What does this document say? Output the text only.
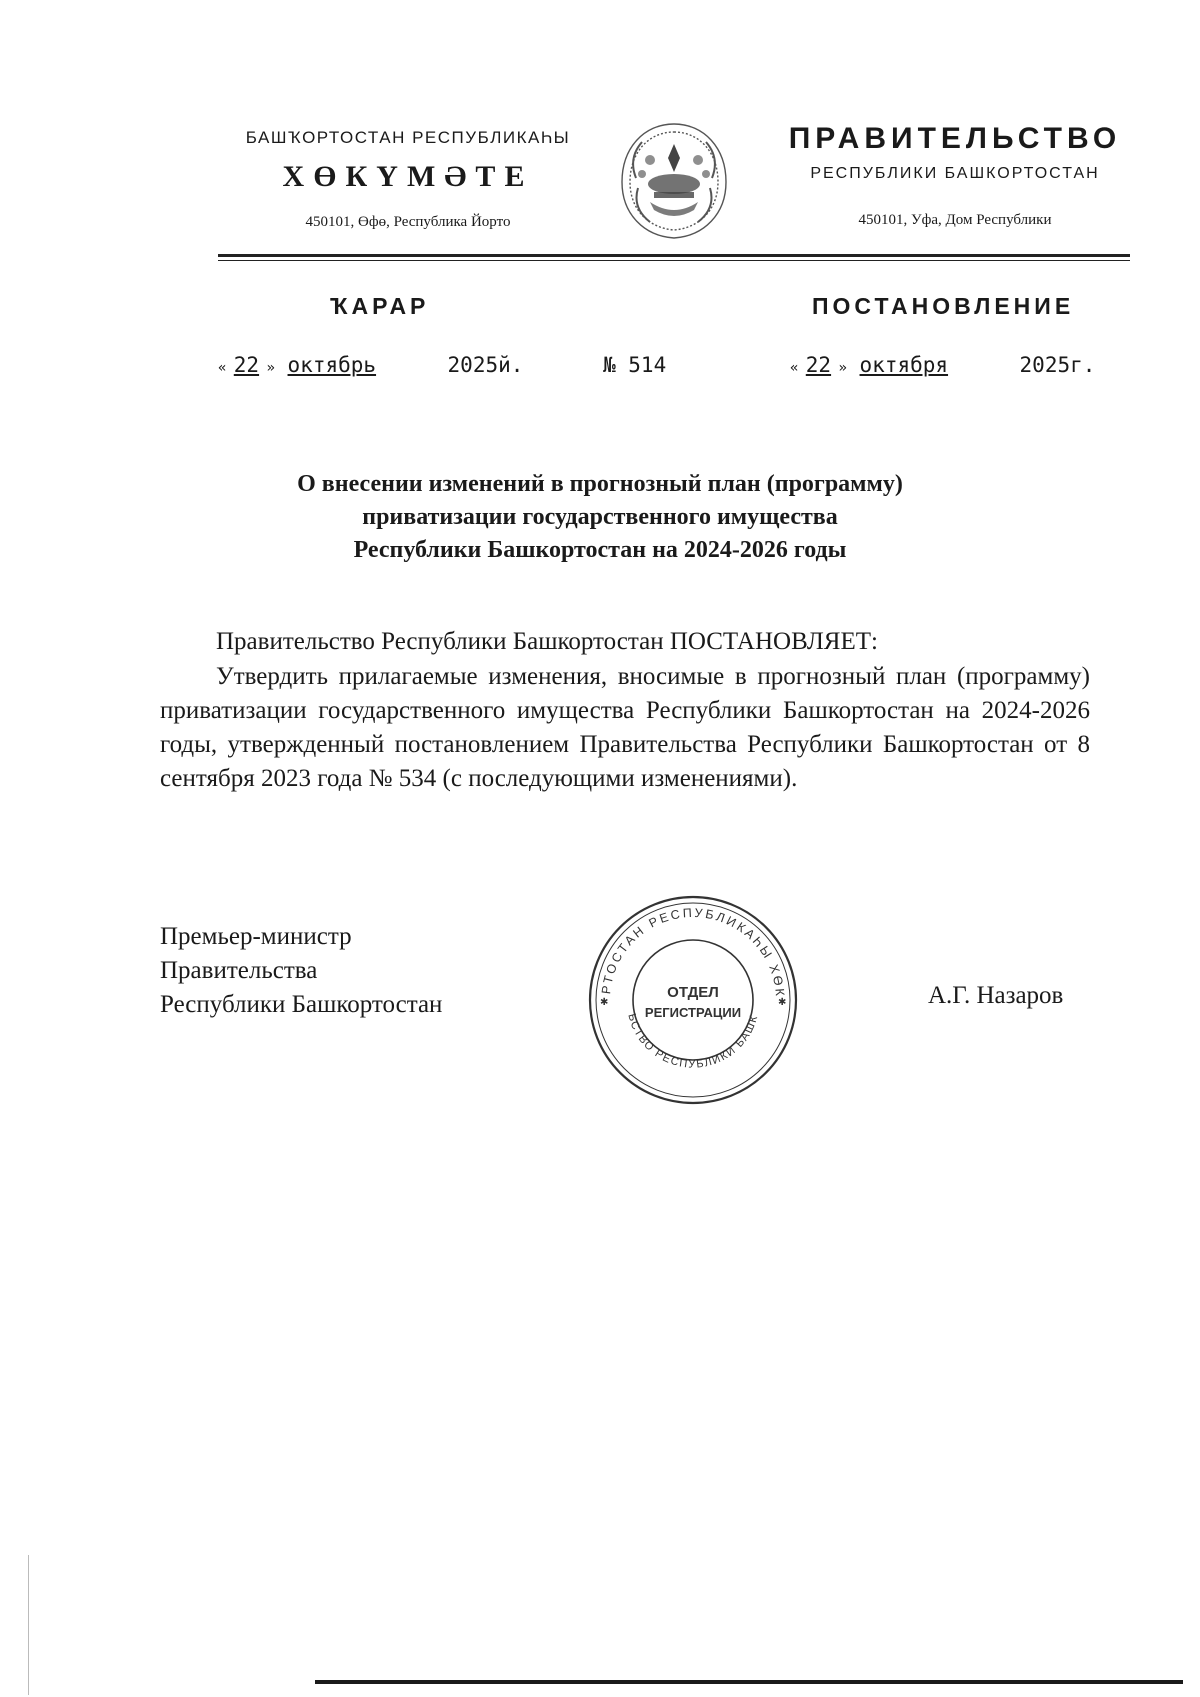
БАШҠОРТОСТАН РЕСПУБЛИКАҺЫ
ХӨКҮМӘТЕ
450101, Өфө, Республика Йорто
ПРАВИТЕЛЬСТВО
РЕСПУБЛИКИ БАШКОРТОСТАН
450101, Уфа, Дом Республики
ҠАРАР	ПОСТАНОВЛЕНИЕ
« 22 » октябрь	2025й.	№ 514	« 22 » октября	2025г.
О внесении изменений в прогнозный план (программу)
приватизации государственного имущества
Республики Башкортостан на 2024-2026 годы
Правительство Республики Башкортостан ПОСТАНОВЛЯЕТ:
Утвердить прилагаемые изменения, вносимые в прогнозный план (программу) приватизации государственного имущества Республики Башкортостан на 2024-2026 годы, утвержденный постановлением Правительства Республики Башкортостан от 8 сентября 2023 года № 534 (с последующими изменениями).
Премьер-министр
Правительства
Республики Башкортостан	А.Г. Назаров
РТОСТАН РЕСПУБЛИКАҺЫ ХӨК
ЬСТВО РЕСПУБЛИКИ БАШК
ОТДЕЛ
РЕГИСТРАЦИИ
✱	✱
